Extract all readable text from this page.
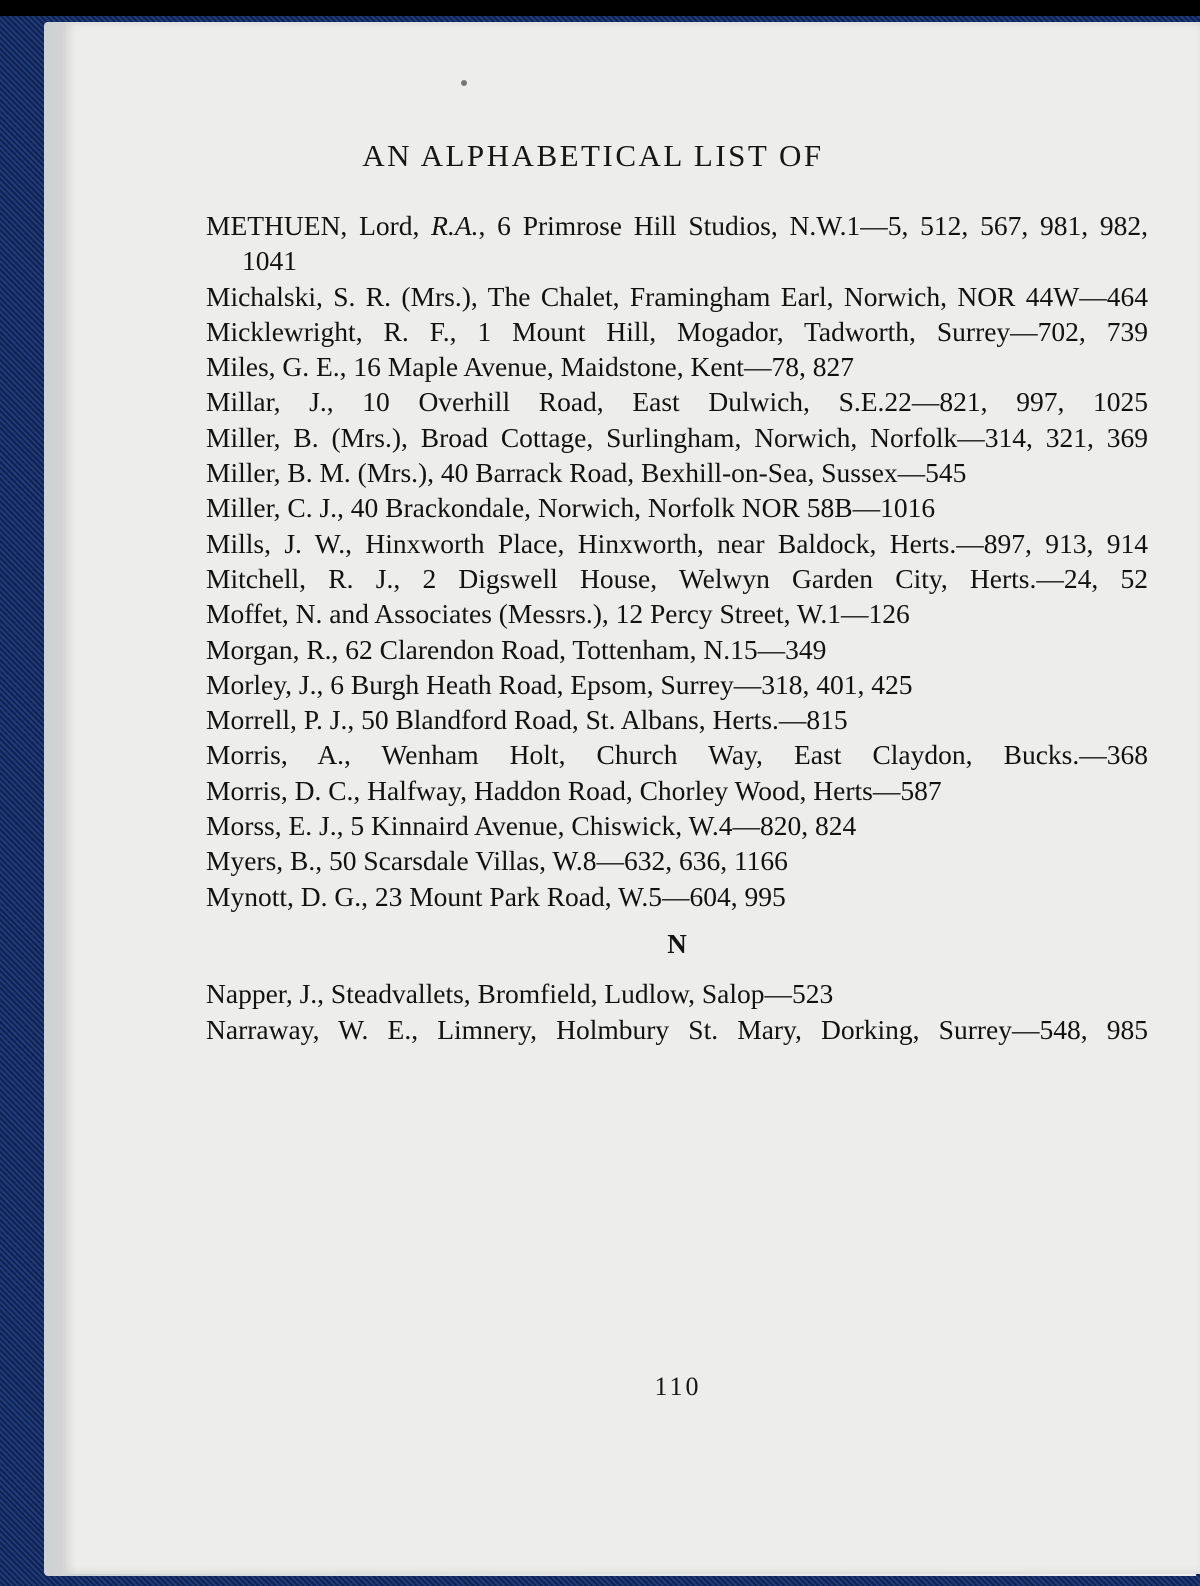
AN ALPHABETICAL LIST OF
METHUEN, Lord, R.A., 6 Primrose Hill Studios, N.W.1—5, 512, 567, 981, 982, 1041
Michalski, S. R. (Mrs.), The Chalet, Framingham Earl, Norwich, NOR 44W—464
Micklewright, R. F., 1 Mount Hill, Mogador, Tadworth, Surrey—702, 739
Miles, G. E., 16 Maple Avenue, Maidstone, Kent—78, 827
Millar, J., 10 Overhill Road, East Dulwich, S.E.22—821, 997, 1025
Miller, B. (Mrs.), Broad Cottage, Surlingham, Norwich, Norfolk—314, 321, 369
Miller, B. M. (Mrs.), 40 Barrack Road, Bexhill-on-Sea, Sussex—545
Miller, C. J., 40 Brackondale, Norwich, Norfolk NOR 58B—1016
Mills, J. W., Hinxworth Place, Hinxworth, near Baldock, Herts.—897, 913, 914
Mitchell, R. J., 2 Digswell House, Welwyn Garden City, Herts.—24, 52
Moffet, N. and Associates (Messrs.), 12 Percy Street, W.1—126
Morgan, R., 62 Clarendon Road, Tottenham, N.15—349
Morley, J., 6 Burgh Heath Road, Epsom, Surrey—318, 401, 425
Morrell, P. J., 50 Blandford Road, St. Albans, Herts.—815
Morris, A., Wenham Holt, Church Way, East Claydon, Bucks.—368
Morris, D. C., Halfway, Haddon Road, Chorley Wood, Herts—587
Morss, E. J., 5 Kinnaird Avenue, Chiswick, W.4—820, 824
Myers, B., 50 Scarsdale Villas, W.8—632, 636, 1166
Mynott, D. G., 23 Mount Park Road, W.5—604, 995
N
Napper, J., Steadvallets, Bromfield, Ludlow, Salop—523
Narraway, W. E., Limnery, Holmbury St. Mary, Dorking, Surrey—548, 985
110
